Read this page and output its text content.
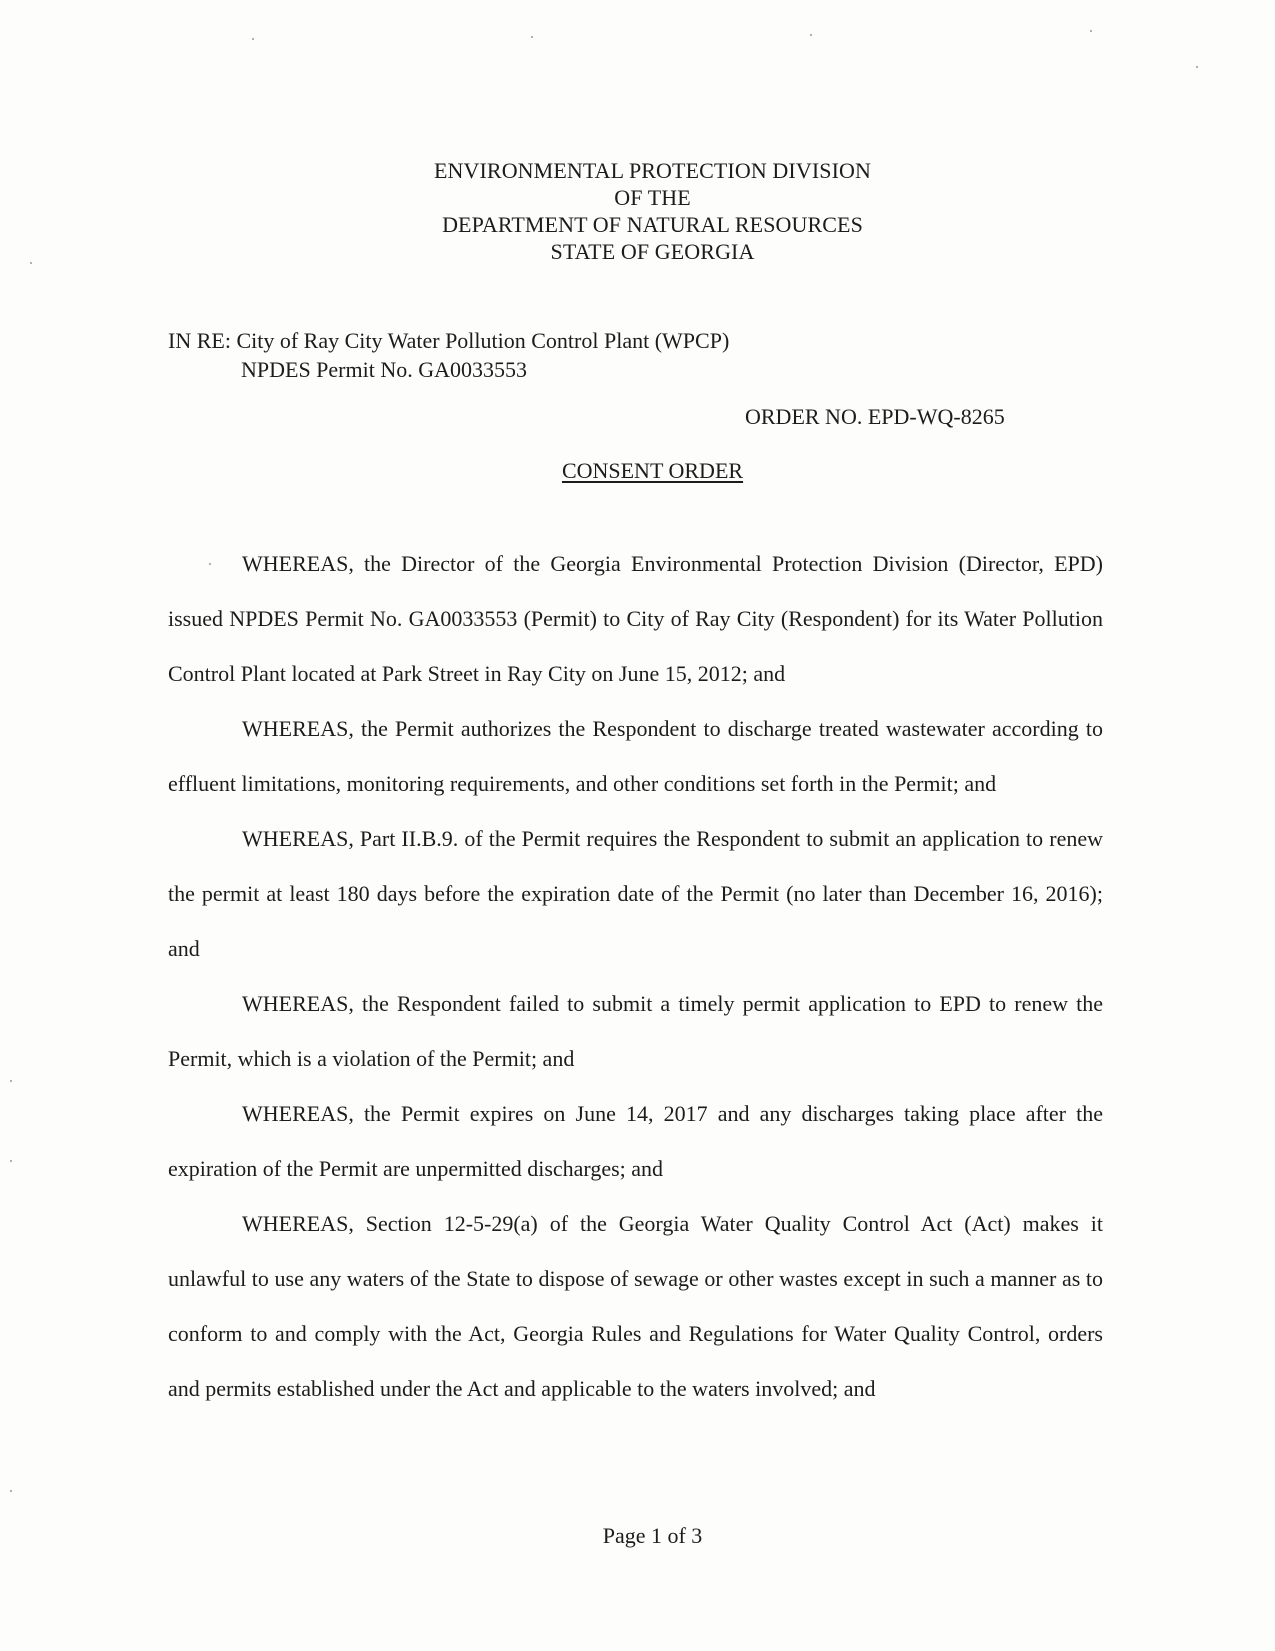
ENVIRONMENTAL PROTECTION DIVISION
OF THE
DEPARTMENT OF NATURAL RESOURCES
STATE OF GEORGIA
IN RE: City of Ray City Water Pollution Control Plant (WPCP)
NPDES Permit No. GA0033553
ORDER NO. EPD-WQ-8265
CONSENT ORDER

WHEREAS, the Director of the Georgia Environmental Protection Division (Director, EPD) issued NPDES Permit No. GA0033553 (Permit) to City of Ray City (Respondent) for its Water Pollution Control Plant located at Park Street in Ray City on June 15, 2012; and

WHEREAS, the Permit authorizes the Respondent to discharge treated wastewater according to effluent limitations, monitoring requirements, and other conditions set forth in the Permit; and

WHEREAS, Part II.B.9. of the Permit requires the Respondent to submit an application to renew the permit at least 180 days before the expiration date of the Permit (no later than December 16, 2016); and

WHEREAS, the Respondent failed to submit a timely permit application to EPD to renew the Permit, which is a violation of the Permit; and

WHEREAS, the Permit expires on June 14, 2017 and any discharges taking place after the expiration of the Permit are unpermitted discharges; and

WHEREAS, Section 12-5-29(a) of the Georgia Water Quality Control Act (Act) makes it unlawful to use any waters of the State to dispose of sewage or other wastes except in such a manner as to conform to and comply with the Act, Georgia Rules and Regulations for Water Quality Control, orders and permits established under the Act and applicable to the waters involved; and

Page 1 of 3
